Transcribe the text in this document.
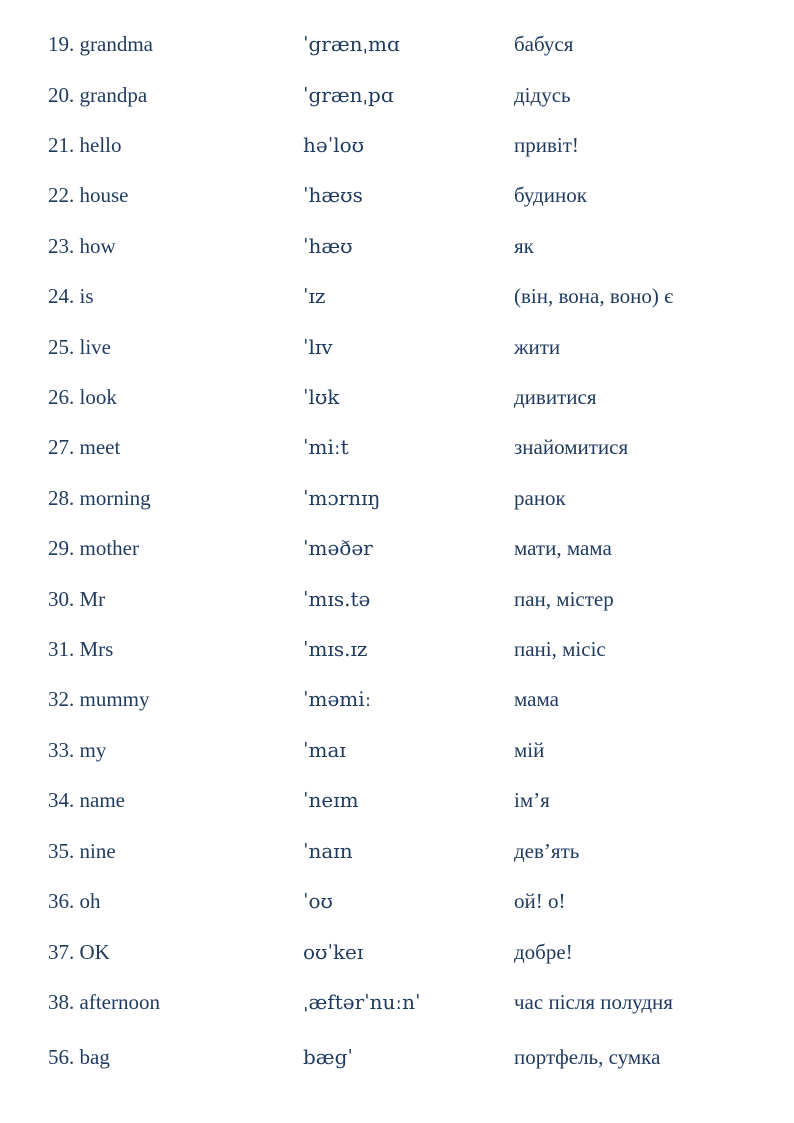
19. grandma	ˈgrænˌmɑ	бабуся
20. grandpa	ˈgrænˌpɑ	дідусь
21. hello	həˈloʊ	привіт!
22. house	ˈhæʊs	будинок
23. how	ˈhæʊ	як
24. is	ˈɪz	(він, вона, воно) є
25. live	ˈlɪv	жити
26. look	ˈlʊk	дивитися
27. meet	ˈmiːt	знайомитися
28. morning	ˈmɔrnɪŋ	ранок
29. mother	ˈməðər	мати, мама
30. Mr	ˈmɪs.tə	пан, містер
31. Mrs	ˈmɪs.ɪz	пані, місіс
32. mummy	ˈməmiː	мама
33. my	ˈmaɪ	мій
34. name	ˈneɪm	ім’я
35. nine	ˈnaɪn	дев’ять
36. oh	ˈoʊ	ой! о!
37. OK	oʊˈkeɪ	добре!
38. afternoon	ˌæftərˈnuːnˈ	час після полудня
56. bag	bægˈ	портфель, сумка
